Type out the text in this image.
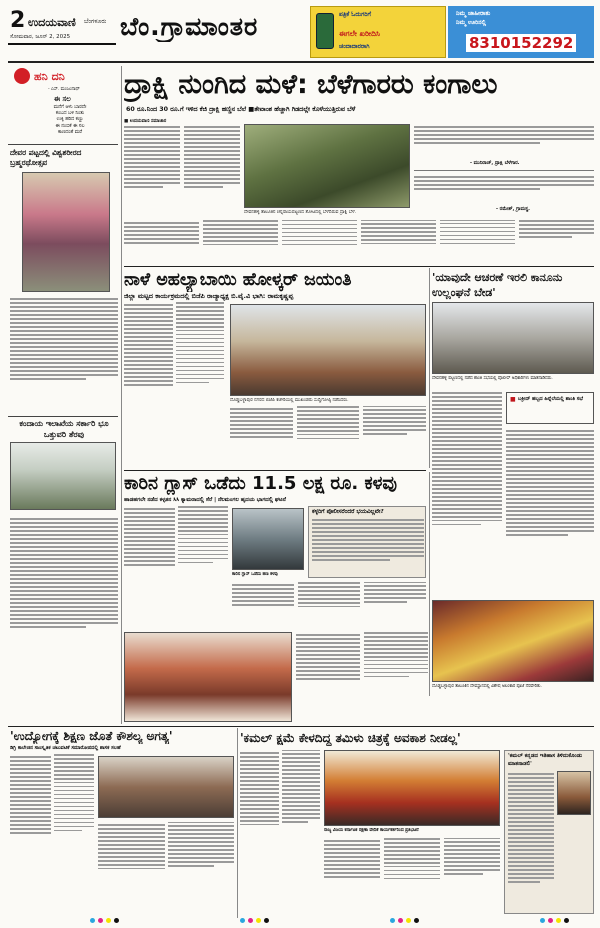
2 ಉದಯವಾಣಿ ಬೆಂಗಳೂರು
ಸೋಮವಾರ, ಜೂನ್ 2, 2025 ಬೆಂ.ಗ್ರಾಮಾಂತರ	ಪತ್ರಿಕೆ ಓದುಗರಿಗೆ
ಈಗಲೇ ಖರೀದಿಸಿ
ಚಂದಾದಾರರಾಗಿ
ನಿಮ್ಮ ಜಾಹೀರಾತು
ನಿಮ್ಮ ಊರಿನಲ್ಲಿ
8310152292
ಹನಿ ದನಿ
- ಎಸ್. ಮಂಜುನಾಥ್
ಈ ಸಲ
ಮನೆಗೆ ಆಳು ಬಾರದೇ
ಕಂಬದ ಬಳಿ ನಿಂತು
ಉಕ್ಕಿ ಹರಿದ ಕಣ್ಣು
ಈ ನಂಬಿಕೆ ಈ ಸಲ
ಕಾಣದಂತೆ ಮರೆ
ದೇವರ ಪಟ್ಟದಲ್ಲಿ ವಿಶ್ವಶರೀರದ ಬ್ರಹ್ಮರಥೋತ್ಸವ
ಕಂದಾಯ ಇಲಾಖೆಯ ಸರ್ಕಾರಿ ಭೂ ಒತ್ತುವರಿ ತೆರವು
ದ್ರಾಕ್ಷಿ ನುಂಗಿದ ಮಳೆ: ಬೆಳೆಗಾರರು ಕಂಗಾಲು
60 ರೂ.ನಿಂದ 30 ರೂ.ಗೆ ಇಳಿದ ಕೆಜಿ ದ್ರಾಕ್ಷಿ ಹಣ್ಣಿನ ಬೆಲೆ ■ತೇವಾಂಶ ಹೆಚ್ಚಾಗಿ ಗಿಡದಲ್ಲೇ ಕೊಳೆಯುತ್ತಿರುವ ಬೆಳೆ
■ ಉದಯವಾಣಿ ಸಮಾಚಾರ
ದೇವನಹಳ್ಳಿ ತಾಲೂಕಿನ ಚನ್ನರಾಯಪಟ್ಟಣದ ತೋಟದಲ್ಲಿ ಬೆಳೆದಿರುವ ದ್ರಾಕ್ಷಿ ಬೆಳೆ.
- ಮುನಿರಾಜ್, ದ್ರಾಕ್ಷಿ ಬೆಳೆಗಾರ.
- ರಮೇಶ್, ಗ್ರಾಮಸ್ಥ.
ನಾಳೆ ಅಹಲ್ಯಾಬಾಯಿ ಹೋಳ್ಕರ್ ಜಯಂತಿ
ಜಿಲ್ಲಾ ಮಟ್ಟದ ಕಾರ್ಯಕ್ರಮದಲ್ಲಿ ಬಿಜೆಪಿ ರಾಜ್ಯಾಧ್ಯಕ್ಷ ಬಿ.ವೈ.ವಿ ಭಾಗಿ: ರಾಮಕೃಷ್ಣಪ್ಪ
ದೊಡ್ಡಬಳ್ಳಾಪುರ ನಗರದ ಬಿಜೆಪಿ ಕಚೇರಿಯಲ್ಲಿ ಮುಖಂಡರು ಸುದ್ದಿಗೋಷ್ಠಿ ನಡೆಸಿದರು.
'ಯಾವುದೇ ಆಚರಣೆ ಇರಲಿ ಕಾನೂನು ಉಲ್ಲಂಘನೆ ಬೇಡ'
ದೇವನಹಳ್ಳಿ ಪಟ್ಟಣದಲ್ಲಿ ನಡೆದ ಶಾಂತಿ ಸಭೆಯಲ್ಲಿ ಪೊಲೀಸ್ ಅಧಿಕಾರಿಗಳು ಮಾತನಾಡಿದರು.
■ ಬಕ್ರೀದ್ ಹಬ್ಬದ ಹಿನ್ನೆಲೆಯಲ್ಲಿ ಶಾಂತಿ ಸಭೆ
ದೊಡ್ಡಬಳ್ಳಾಪುರ ತಾಲೂಕಿನ ದೇವಸ್ಥಾನದಲ್ಲಿ ವಿಶೇಷ ಅಲಂಕಾರ ಪೂಜೆ ನೆರವೇರಿತು.
ಕಾರಿನ ಗ್ಲಾಸ್ ಒಡೆದು 11.5 ಲಕ್ಷ ರೂ. ಕಳವು
ಹಾಡಹಗಲೇ ನಡೆದ ಕಳ್ಳತನ ಸಿಸಿ ಕ್ಯಾಮರಾದಲ್ಲಿ ಸೆರೆ | ನೆಲಮಂಗಲ ಹೃದಯ ಭಾಗದಲ್ಲಿ ಘಟನೆ
ಕಾರಿನ ಗ್ಲಾಸ್ ಒಡೆದು ಹಣ ಕಳವು
ಕಳ್ಳರಿಗೆ ಪೊಲೀಸರೆಂದರೆ ಭಯವಿಲ್ಲವೇ?
'ಉದ್ಯೋಗಕ್ಕೆ ಶಿಕ್ಷಣ ಜೊತೆ ಕೌಶಲ್ಯ ಅಗತ್ಯ'
ಡಿಗ್ರಿ ಕಾಲೇಜಿನ ಸಾಂಸ್ಕೃತಿಕ ಚಟುವಟಿಕೆ ಸಮಾರೋಪದಲ್ಲಿ ಶಾಸಕ ಸಲಹೆ
'ಕಮಲ್ ಕ್ಷಮೆ ಕೇಳದಿದ್ದ ತಮಿಳು ಚಿತ್ರಕ್ಕೆ ಅವಕಾಶ ನೀಡಲ್ಲ'
ರಾಜ್ಯ ವಿಜಯ ಕರ್ನಾಟಕ ರಕ್ಷಣಾ ವೇದಿಕೆ ಕಾರ್ಯಕರ್ತರಿಂದ ಪ್ರತಿಭಟನೆ
'ಕಮಲ್ ಕನ್ನಡದ ಇತಿಹಾಸ ತಿಳಿದುಕೊಂಡು ಮಾತನಾಡಲಿ'
